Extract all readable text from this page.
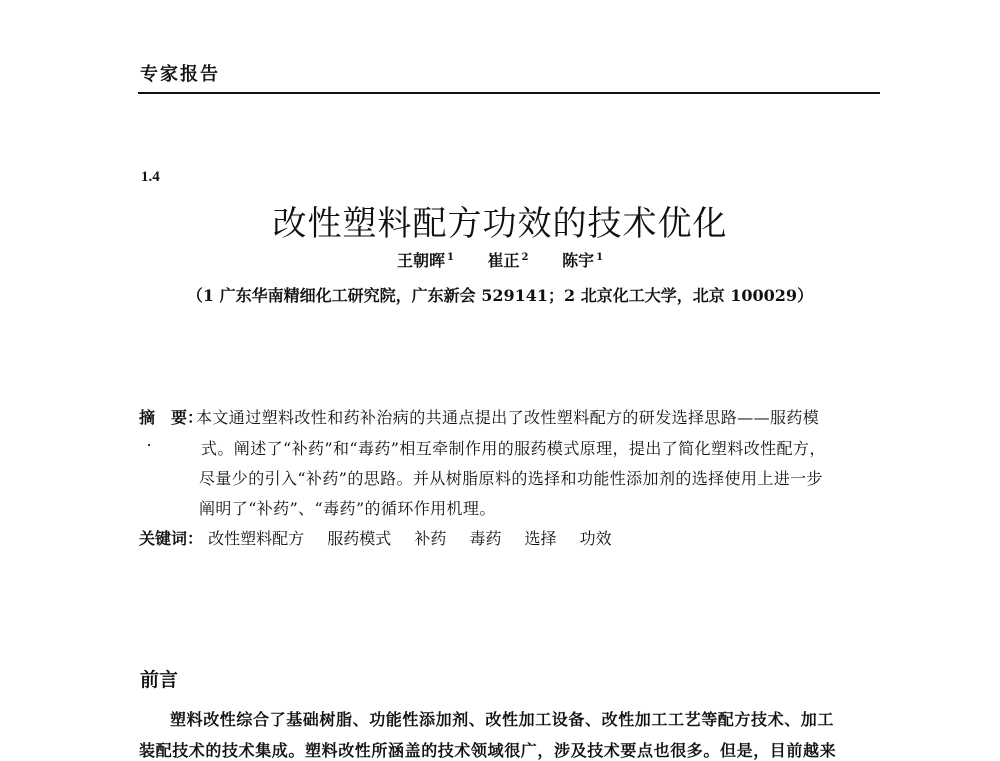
专家报告
1.4
改性塑料配方功效的技术优化
王朝晖 $^1$ 崔正 $^2$ 陈宇 $^1$
（1 广东华南精细化工研究院，广东新会 529141；2 北京化工大学，北京 100029）
摘　要：
本文通过塑料改性和药补治病的共通点提出了改性塑料配方的研发选择思路——服药模
式。阐述了“补药”和“毒药”相互牵制作用的服药模式原理，提出了简化塑料改性配方，
尽量少的引入“补药”的思路。并从树脂原料的选择和功能性添加剂的选择使用上进一步
阐明了“补药”、“毒药”的循环作用机理。
关键词： 改性塑料配方 服药模式 补药 毒药 选择 功效
前言
塑料改性综合了基础树脂、功能性添加剂、改性加工设备、改性加工工艺等配方技术、加工
装配技术的技术集成。塑料改性所涵盖的技术领域很广，涉及技术要点也很多。但是，目前越来
